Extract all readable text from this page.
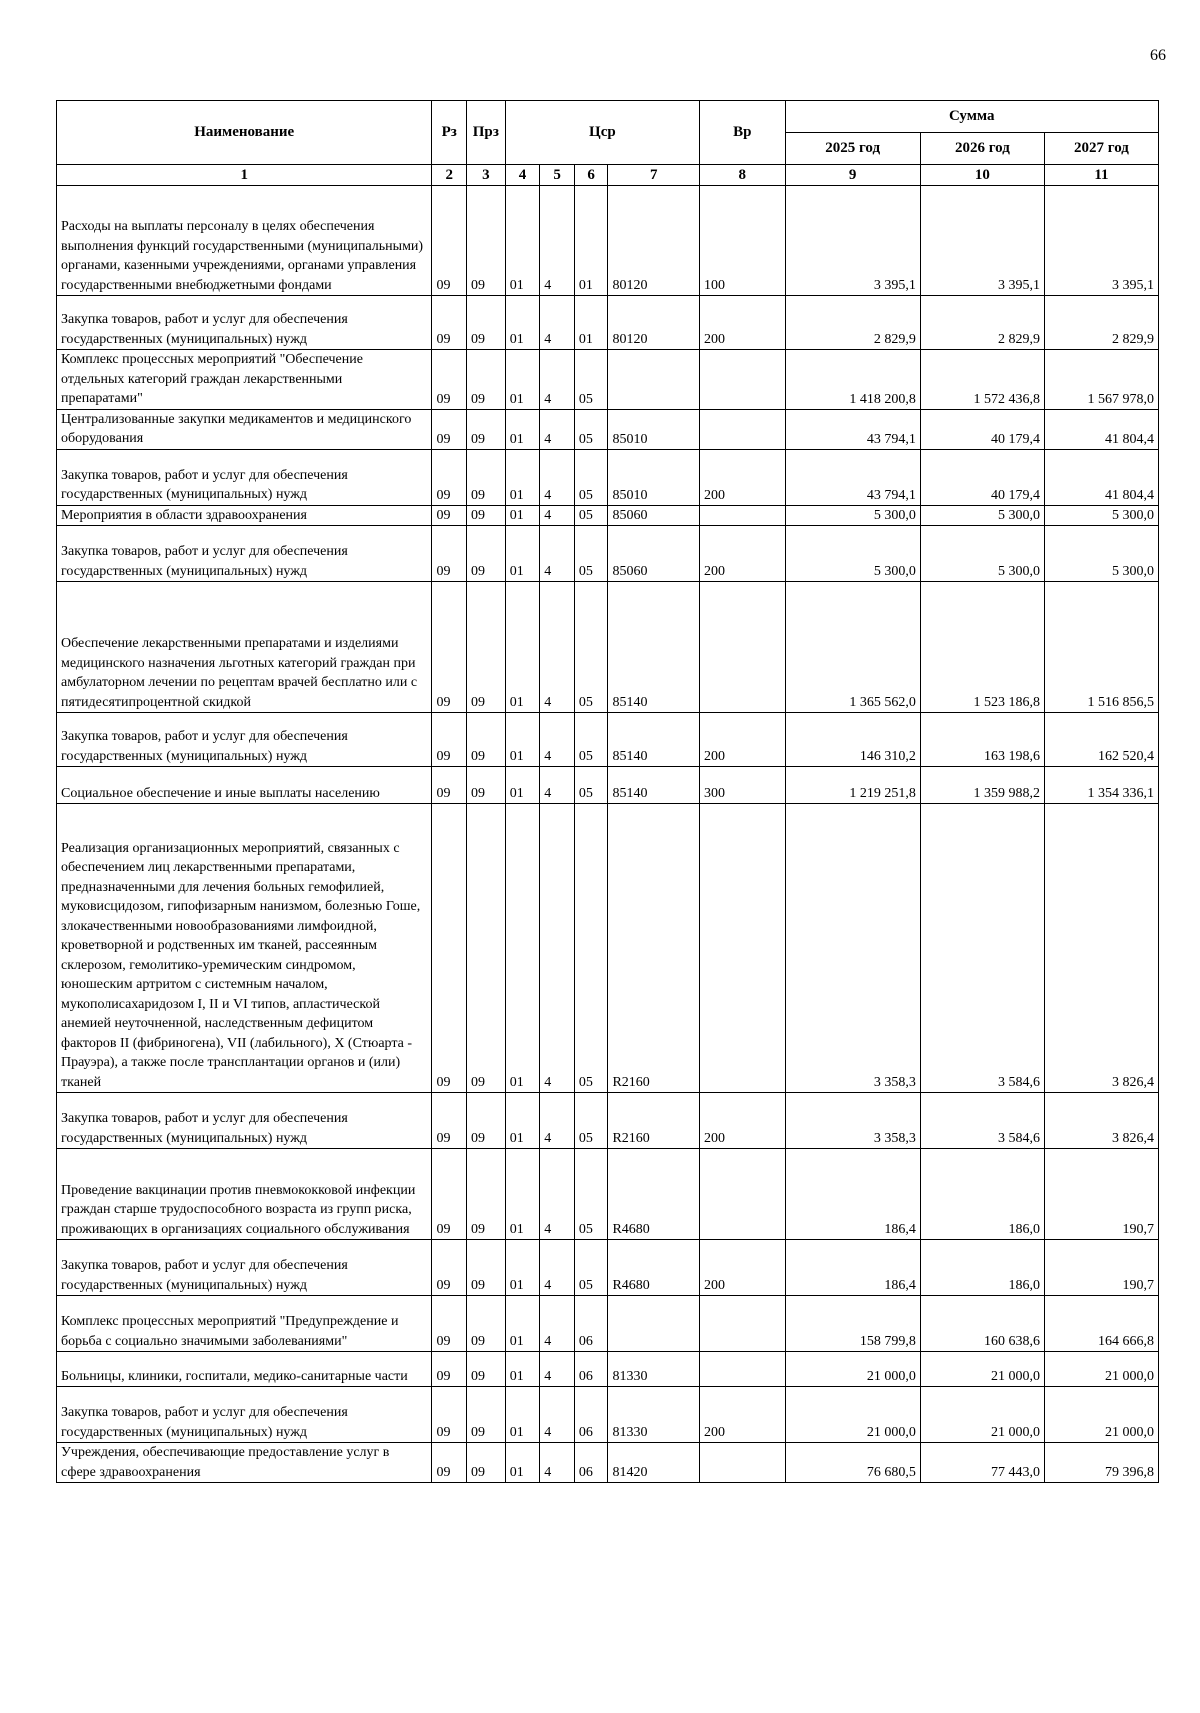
66
Наименование	Рз	Прз	Цср				Вр	Сумма		
								2025 год	2026 год	2027 год
1	2	3	4	5	6	7	8	9	10	11
Расходы на выплаты персоналу в целях обеспечения выполнения функций государственными (муниципальными) органами, казенными учреждениями, органами управления государственными внебюджетными фондами	09	09	01	4	01	80120	100	3 395,1	3 395,1	3 395,1
Закупка товаров, работ и услуг для обеспечения государственных (муниципальных) нужд	09	09	01	4	01	80120	200	2 829,9	2 829,9	2 829,9
Комплекс процессных мероприятий "Обеспечение отдельных категорий граждан лекарственными препаратами"	09	09	01	4	05			1 418 200,8	1 572 436,8	1 567 978,0
Централизованные закупки медикаментов и медицинского оборудования	09	09	01	4	05	85010		43 794,1	40 179,4	41 804,4
Закупка товаров, работ и услуг для обеспечения государственных (муниципальных) нужд	09	09	01	4	05	85010	200	43 794,1	40 179,4	41 804,4
Мероприятия в области здравоохранения	09	09	01	4	05	85060		5 300,0	5 300,0	5 300,0
Закупка товаров, работ и услуг для обеспечения государственных (муниципальных) нужд	09	09	01	4	05	85060	200	5 300,0	5 300,0	5 300,0
Обеспечение лекарственными препаратами и изделиями медицинского назначения льготных категорий граждан при амбулаторном лечении по рецептам врачей бесплатно или с пятидесятипроцентной скидкой	09	09	01	4	05	85140		1 365 562,0	1 523 186,8	1 516 856,5
Закупка товаров, работ и услуг для обеспечения государственных (муниципальных) нужд	09	09	01	4	05	85140	200	146 310,2	163 198,6	162 520,4
Социальное обеспечение и иные выплаты населению	09	09	01	4	05	85140	300	1 219 251,8	1 359 988,2	1 354 336,1
Реализация организационных мероприятий, связанных с обеспечением лиц лекарственными препаратами, предназначенными для лечения больных гемофилией, муковисцидозом, гипофизарным нанизмом, болезнью Гоше, злокачественными новообразованиями лимфоидной, кроветворной и родственных им тканей, рассеянным склерозом, гемолитико-уремическим синдромом, юношеским артритом с системным началом, мукополисахаридозом I, II и VI типов, апластической анемией неуточненной, наследственным дефицитом факторов II (фибриногена), VII (лабильного), X (Стюарта - Прауэра), а также после трансплантации органов и (или) тканей	09	09	01	4	05	R2160		3 358,3	3 584,6	3 826,4
Закупка товаров, работ и услуг для обеспечения государственных (муниципальных) нужд	09	09	01	4	05	R2160	200	3 358,3	3 584,6	3 826,4
Проведение вакцинации против пневмококковой инфекции граждан старше трудоспособного возраста из групп риска, проживающих в организациях социального обслуживания	09	09	01	4	05	R4680		186,4	186,0	190,7
Закупка товаров, работ и услуг для обеспечения государственных (муниципальных) нужд	09	09	01	4	05	R4680	200	186,4	186,0	190,7
Комплекс процессных мероприятий "Предупреждение и борьба с социально значимыми заболеваниями"	09	09	01	4	06			158 799,8	160 638,6	164 666,8
Больницы, клиники, госпитали, медико-санитарные части	09	09	01	4	06	81330		21 000,0	21 000,0	21 000,0
Закупка товаров, работ и услуг для обеспечения государственных (муниципальных) нужд	09	09	01	4	06	81330	200	21 000,0	21 000,0	21 000,0
Учреждения, обеспечивающие предоставление услуг в сфере здравоохранения	09	09	01	4	06	81420		76 680,5	77 443,0	79 396,8
